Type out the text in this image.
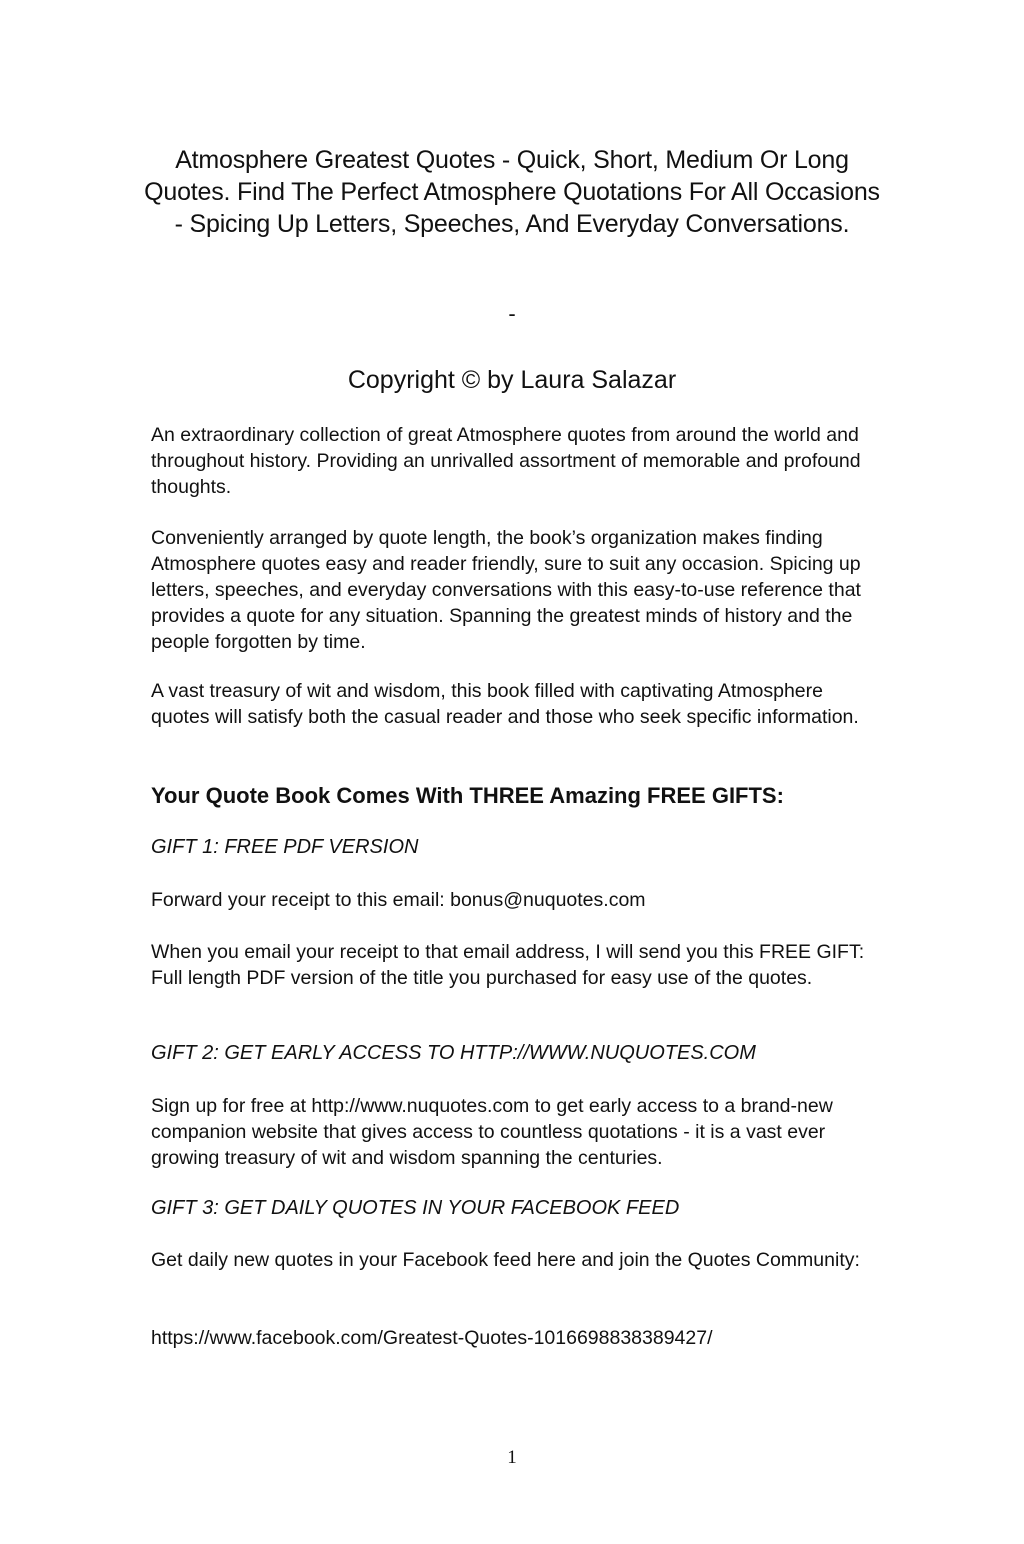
Atmosphere Greatest Quotes - Quick, Short, Medium Or Long Quotes. Find The Perfect Atmosphere Quotations For All Occasions - Spicing Up Letters, Speeches, And Everyday Conversations.
-
Copyright © by Laura Salazar

An extraordinary collection of great Atmosphere quotes from around the world and throughout history. Providing an unrivalled assortment of memorable and profound thoughts.

Conveniently arranged by quote length, the book’s organization makes finding Atmosphere quotes easy and reader friendly, sure to suit any occasion. Spicing up letters, speeches, and everyday conversations with this easy-to-use reference that provides a quote for any situation. Spanning the greatest minds of history and the people forgotten by time.

A vast treasury of wit and wisdom, this book filled with captivating Atmosphere quotes will satisfy both the casual reader and those who seek specific information.

Your Quote Book Comes With THREE Amazing FREE GIFTS:

GIFT 1: FREE PDF VERSION

Forward your receipt to this email: bonus@nuquotes.com

When you email your receipt to that email address, I will send you this FREE GIFT: Full length PDF version of the title you purchased for easy use of the quotes.

GIFT 2: GET EARLY ACCESS TO HTTP://WWW.NUQUOTES.COM

Sign up for free at http://www.nuquotes.com to get early access to a brand-new companion website that gives access to countless quotations - it is a vast ever growing treasury of wit and wisdom spanning the centuries.

GIFT 3: GET DAILY QUOTES IN YOUR FACEBOOK FEED

Get daily new quotes in your Facebook feed here and join the Quotes Community:

https://www.facebook.com/Greatest-Quotes-1016698838389427/

1
